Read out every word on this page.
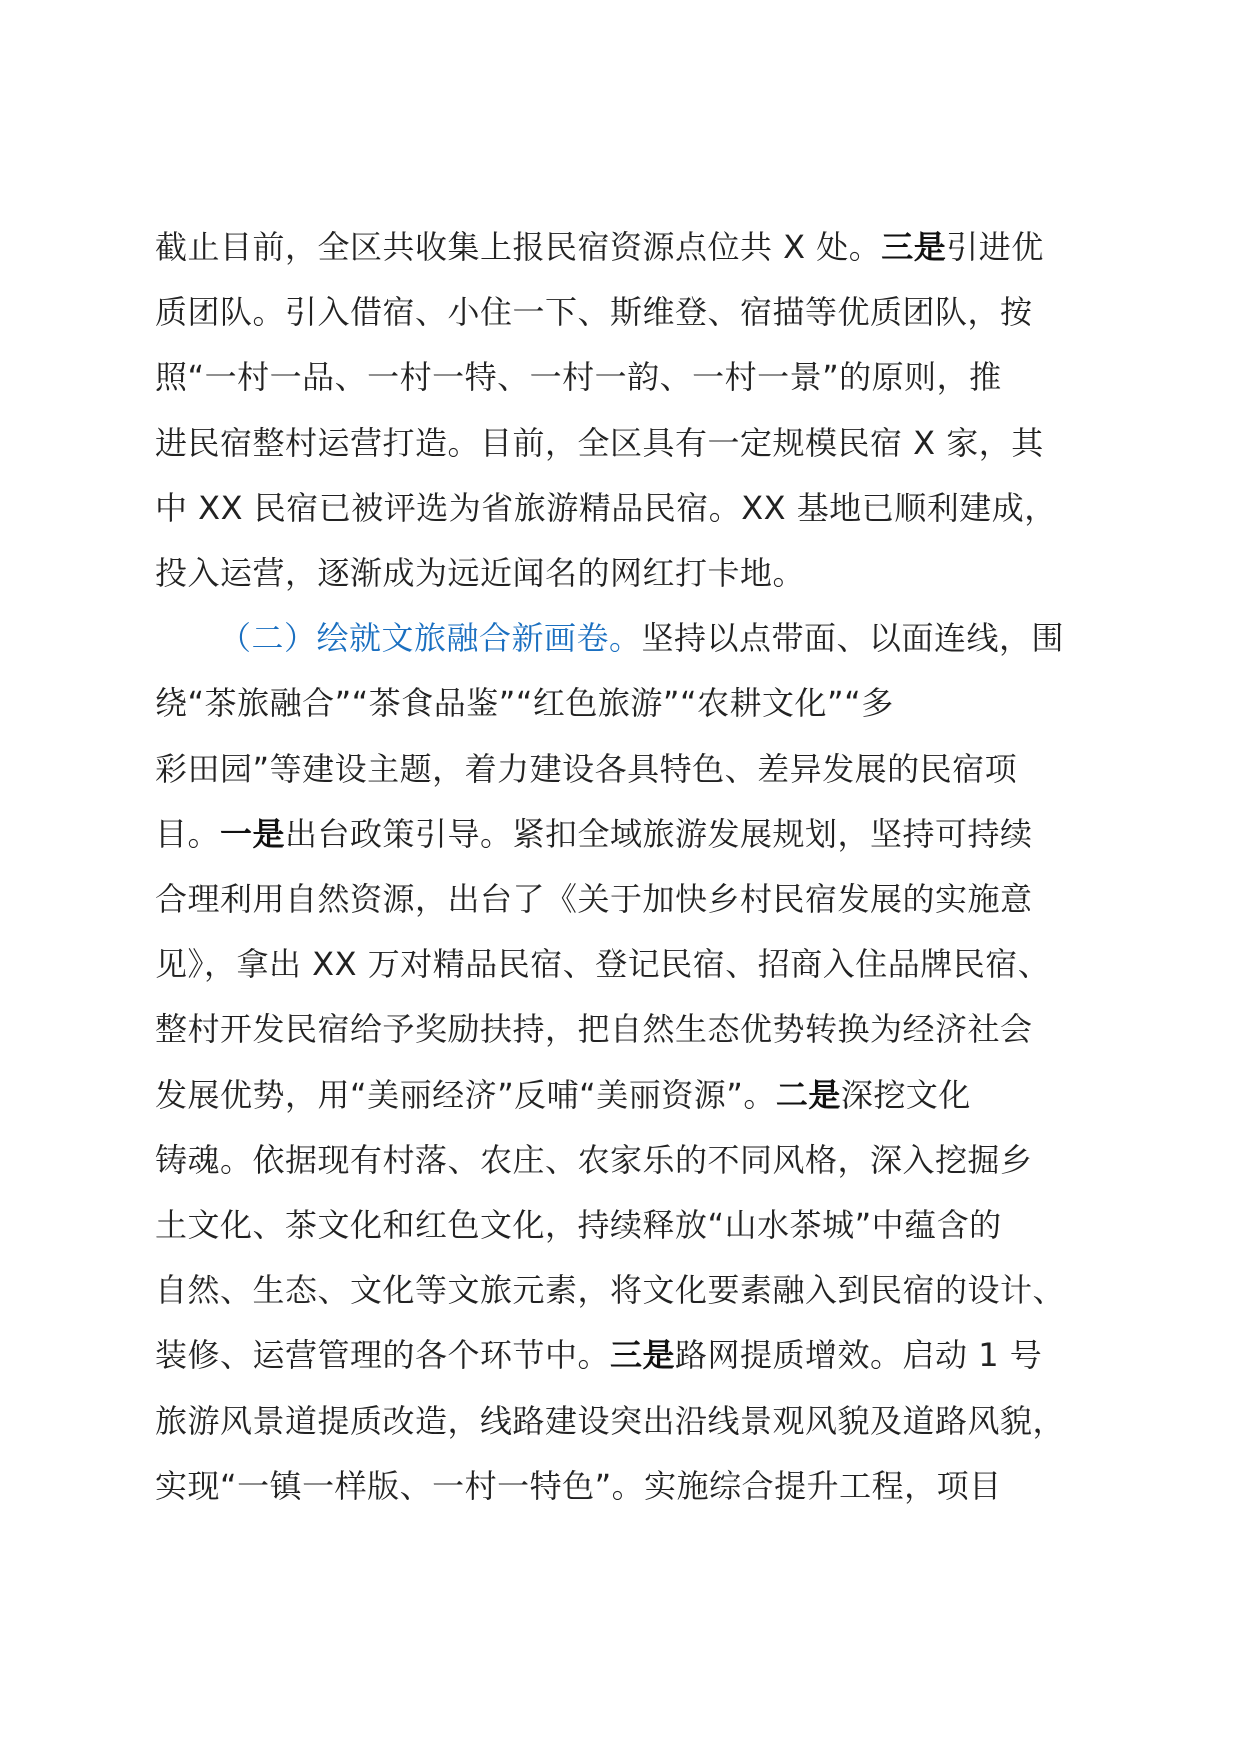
截止目前，全区共收集上报民宿资源点位共 X 处。三是引进优
质团队。引入借宿、小住一下、斯维登、宿描等优质团队，按
照“一村一品、一村一特、一村一韵、一村一景”的原则，推
进民宿整村运营打造。目前，全区具有一定规模民宿 X 家，其
中 XX 民宿已被评选为省旅游精品民宿。XX 基地已顺利建成，
投入运营，逐渐成为远近闻名的网红打卡地。

（二）绘就文旅融合新画卷。坚持以点带面、以面连线，围
绕“茶旅融合”“茶食品鉴”“红色旅游”“农耕文化”“多
彩田园”等建设主题，着力建设各具特色、差异发展的民宿项
目。一是出台政策引导。紧扣全域旅游发展规划，坚持可持续
合理利用自然资源，出台了《关于加快乡村民宿发展的实施意
见》，拿出 XX 万对精品民宿、登记民宿、招商入住品牌民宿、
整村开发民宿给予奖励扶持，把自然生态优势转换为经济社会
发展优势，用“美丽经济”反哺“美丽资源”。二是深挖文化
铸魂。依据现有村落、农庄、农家乐的不同风格，深入挖掘乡
土文化、茶文化和红色文化，持续释放“山水茶城”中蕴含的
自然、生态、文化等文旅元素，将文化要素融入到民宿的设计、
装修、运营管理的各个环节中。三是路网提质增效。启动 1 号
旅游风景道提质改造，线路建设突出沿线景观风貌及道路风貌，
实现“一镇一样版、一村一特色”。实施综合提升工程，项目
